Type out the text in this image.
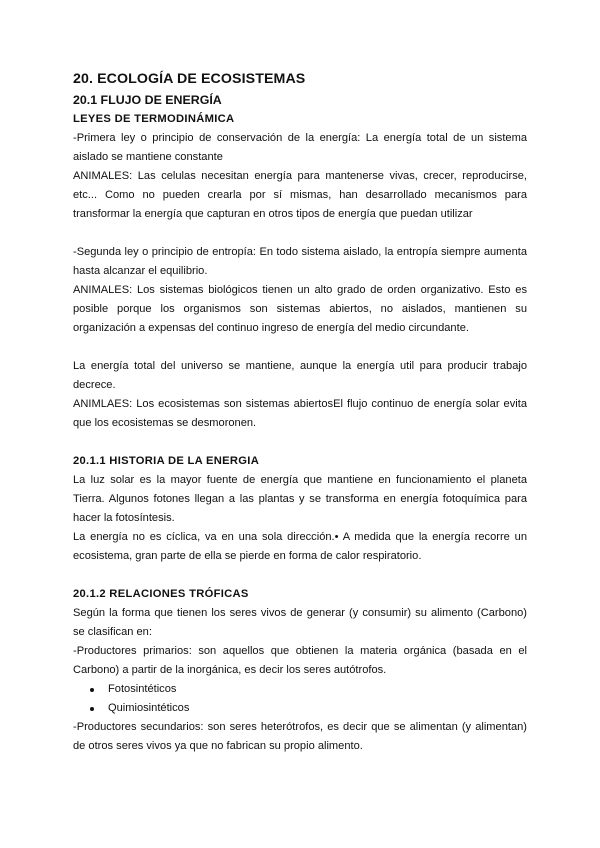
20. ECOLOGÍA DE ECOSISTEMAS
20.1 FLUJO DE ENERGÍA
LEYES DE TERMODINÁMICA

-Primera ley o principio de conservación de la energía: La energía total de un sistema aislado se mantiene constante

ANIMALES: Las celulas necesitan energía para mantenerse vivas, crecer, reproducirse, etc... Como no pueden crearla por sí mismas, han desarrollado mecanismos para transformar la energía que capturan en otros tipos de energía que puedan utilizar

-Segunda ley o principio de entropía: En todo sistema aislado, la entropía siempre aumenta hasta alcanzar el equilibrio.

ANIMALES: Los sistemas biológicos tienen un alto grado de orden organizativo. Esto es posible porque los organismos son sistemas abiertos, no aislados, mantienen su organización a expensas del continuo ingreso de energía del medio circundante.

La energía total del universo se mantiene, aunque la energía util para producir trabajo decrece.

ANIMLAES: Los ecosistemas son sistemas abiertosEl flujo continuo de energía solar evita que los ecosistemas se desmoronen.

20.1.1 HISTORIA DE LA ENERGIA

La luz solar es la mayor fuente de energía que mantiene en funcionamiento el planeta Tierra. Algunos fotones llegan a las plantas y se transforma en energía fotoquímica para hacer la fotosíntesis.

La energía no es cíclica, va en una sola dirección.• A medida que la energía recorre un ecosistema, gran parte de ella se pierde en forma de calor respiratorio.

20.1.2 RELACIONES TRÓFICAS

Según la forma que tienen los seres vivos de generar (y consumir) su alimento (Carbono) se clasifican en:

-Productores primarios: son aquellos que obtienen la materia orgánica (basada en el Carbono) a partir de la inorgánica, es decir los seres autótrofos.

Fotosintéticos
Quimiosintéticos

-Productores secundarios: son seres heterótrofos, es decir que se alimentan (y alimentan) de otros seres vivos ya que no fabrican su propio alimento.
